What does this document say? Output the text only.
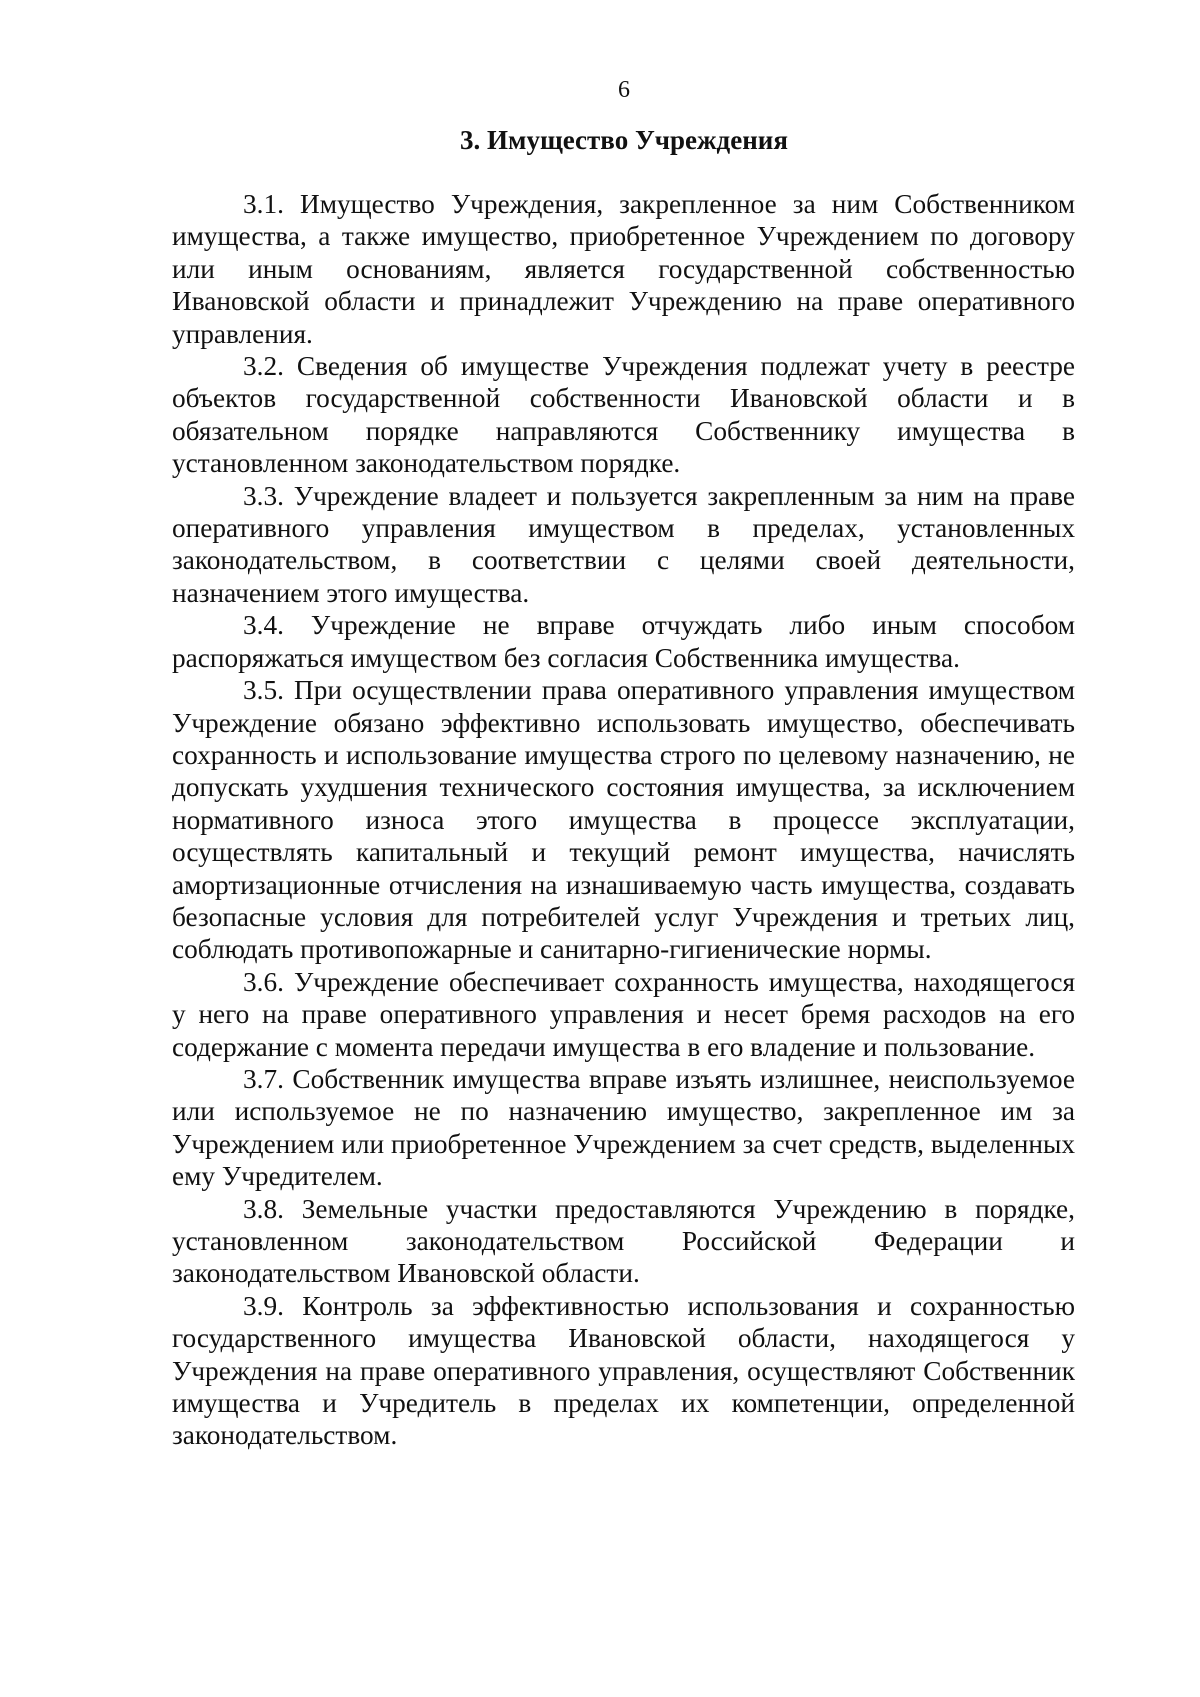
6
3. Имущество Учреждения

3.1. Имущество Учреждения, закрепленное за ним Собственником имущества, а также имущество, приобретенное Учреждением по договору или иным основаниям, является государственной собственностью Ивановской области и принадлежит Учреждению на праве оперативного управления.

3.2. Сведения об имуществе Учреждения подлежат учету в реестре объектов государственной собственности Ивановской области и в обязательном порядке направляются Собственнику имущества в установленном законодательством порядке.

3.3. Учреждение владеет и пользуется закрепленным за ним на праве оперативного управления имуществом в пределах, установленных законодательством, в соответствии с целями своей деятельности, назначением этого имущества.

3.4. Учреждение не вправе отчуждать либо иным способом распоряжаться имуществом без согласия Собственника имущества.

3.5. При осуществлении права оперативного управления имуществом Учреждение обязано эффективно использовать имущество, обеспечивать сохранность и использование имущества строго по целевому назначению, не допускать ухудшения технического состояния имущества, за исключением нормативного износа этого имущества в процессе эксплуатации, осуществлять капитальный и текущий ремонт имущества, начислять амортизационные отчисления на изнашиваемую часть имущества, создавать безопасные условия для потребителей услуг Учреждения и третьих лиц, соблюдать противопожарные и санитарно-гигиенические нормы.

3.6. Учреждение обеспечивает сохранность имущества, находящегося у него на праве оперативного управления и несет бремя расходов на его содержание с момента передачи имущества в его владение и пользование.

3.7. Собственник имущества вправе изъять излишнее, неиспользуемое или используемое не по назначению имущество, закрепленное им за Учреждением или приобретенное Учреждением за счет средств, выделенных ему Учредителем.

3.8. Земельные участки предоставляются Учреждению в порядке, установленном законодательством Российской Федерации и законодательством Ивановской области.

3.9. Контроль за эффективностью использования и сохранностью государственного имущества Ивановской области, находящегося у Учреждения на праве оперативного управления, осуществляют Собственник имущества и Учредитель в пределах их компетенции, определенной законодательством.
